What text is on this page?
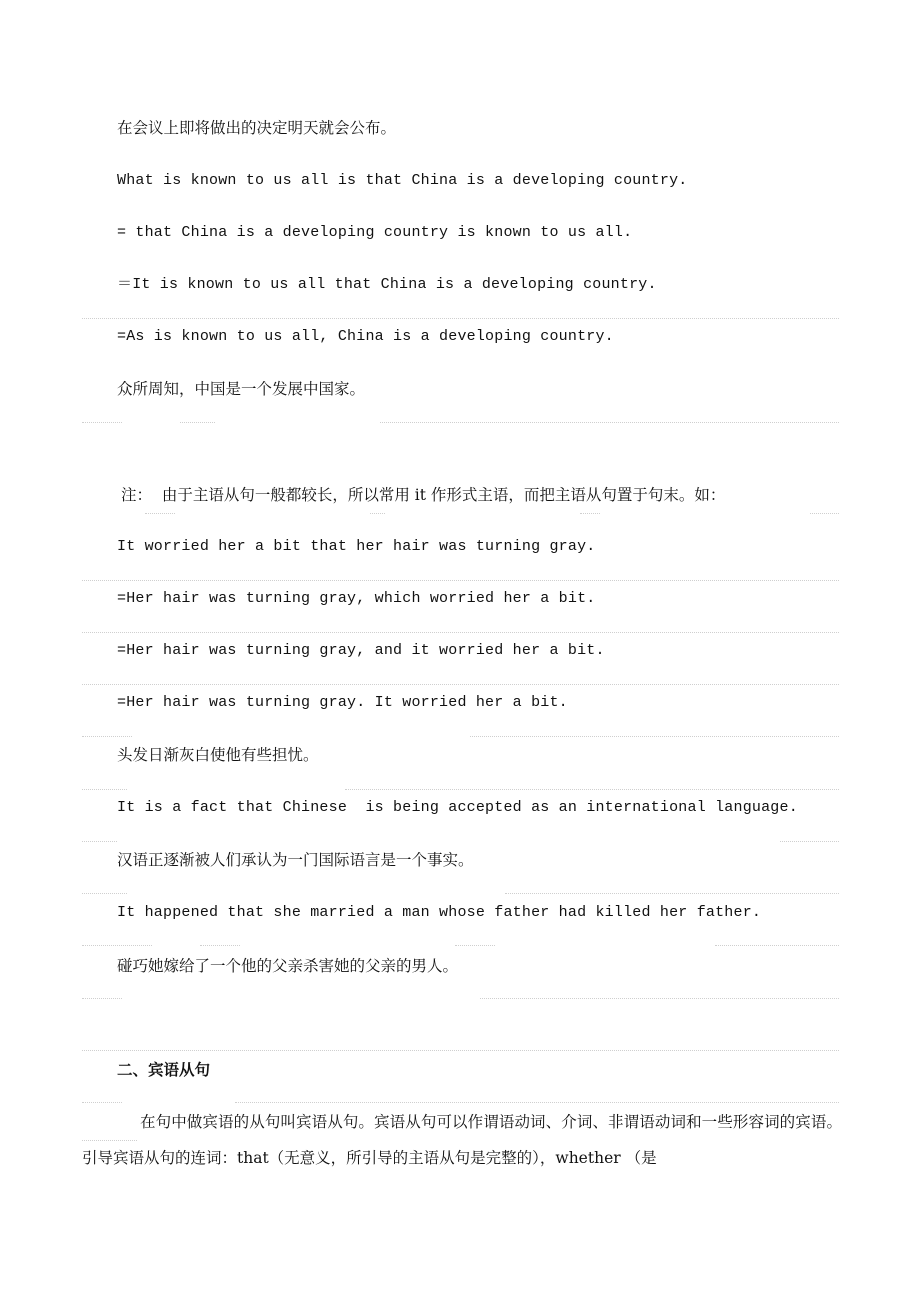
在会议上即将做出的决定明天就会公布。
What is known to us all is that China is a developing country.
= that China is a developing country is known to us all.
＝It is known to us all that China is a developing country.
=As is known to us all, China is a developing country.
众所周知，中国是一个发展中国家。
注：  由于主语从句一般都较长，所以常用 it 作形式主语，而把主语从句置于句末。如：
It worried her a bit that her hair was turning gray.
=Her hair was turning gray, which worried her a bit.
=Her hair was turning gray, and it worried her a bit.
=Her hair was turning gray. It worried her a bit.
头发日渐灰白使他有些担忧。
It is a fact that Chinese  is being accepted as an international language.
汉语正逐渐被人们承认为一门国际语言是一个事实。
It happened that she married a man whose father had killed her father.
碰巧她嫁给了一个他的父亲杀害她的父亲的男人。
二、宾语从句
在句中做宾语的从句叫宾语从句。宾语从句可以作谓语动词、介词、非谓语动词和一些形容词的宾语。引导宾语从句的连词：that（无意义，所引导的主语从句是完整的），whether （是
